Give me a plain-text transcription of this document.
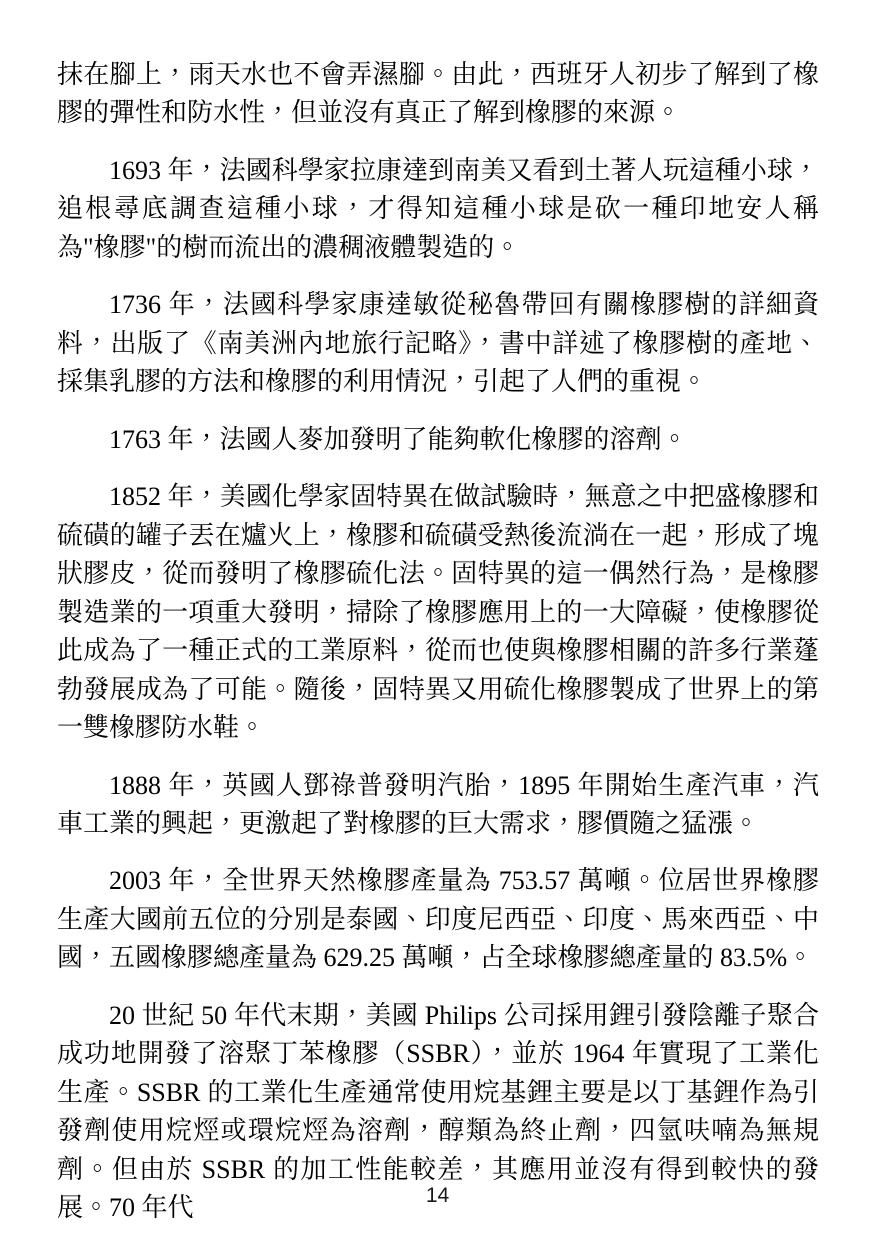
抹在腳上，雨天水也不會弄濕腳。由此，西班牙人初步了解到了橡膠的彈性和防水性，但並沒有真正了解到橡膠的來源。

1693 年，法國科學家拉康達到南美又看到土著人玩這種小球，追根尋底調查這種小球，才得知這種小球是砍一種印地安人稱為"橡膠"的樹而流出的濃稠液體製造的。

1736 年，法國科學家康達敏從秘魯帶回有關橡膠樹的詳細資料，出版了《南美洲內地旅行記略》，書中詳述了橡膠樹的產地、採集乳膠的方法和橡膠的利用情況，引起了人們的重視。

1763 年，法國人麥加發明了能夠軟化橡膠的溶劑。

1852 年，美國化學家固特異在做試驗時，無意之中把盛橡膠和硫磺的罐子丟在爐火上，橡膠和硫磺受熱後流淌在一起，形成了塊狀膠皮，從而發明了橡膠硫化法。固特異的這一偶然行為，是橡膠製造業的一項重大發明，掃除了橡膠應用上的一大障礙，使橡膠從此成為了一種正式的工業原料，從而也使與橡膠相關的許多行業蓬勃發展成為了可能。隨後，固特異又用硫化橡膠製成了世界上的第一雙橡膠防水鞋。

1888 年，英國人鄧祿普發明汽胎，1895 年開始生產汽車，汽車工業的興起，更激起了對橡膠的巨大需求，膠價隨之猛漲。

2003 年，全世界天然橡膠產量為 753.57 萬噸。位居世界橡膠生產大國前五位的分別是泰國、印度尼西亞、印度、馬來西亞、中國，五國橡膠總產量為 629.25 萬噸，占全球橡膠總產量的 83.5%。

20 世紀 50 年代末期，美國 Philips 公司採用鋰引發陰離子聚合成功地開發了溶聚丁苯橡膠（SSBR），並於 1964 年實現了工業化生產。SSBR 的工業化生產通常使用烷基鋰主要是以丁基鋰作為引發劑使用烷烴或環烷烴為溶劑，醇類為終止劑，四氫呋喃為無規劑。但由於 SSBR 的加工性能較差，其應用並沒有得到較快的發展。70 年代	14
